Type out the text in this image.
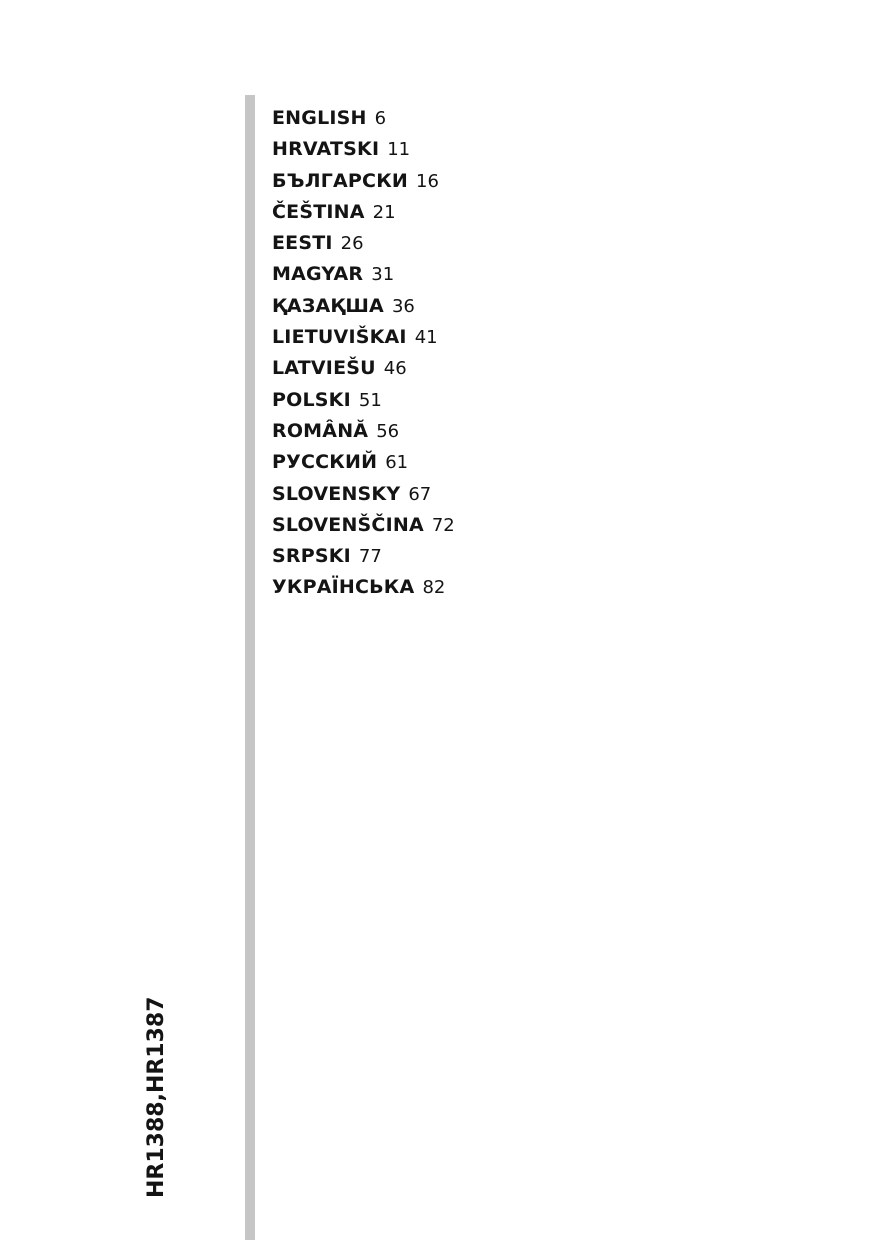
ENGLISH 6
HRVATSKI 11
БЪЛГАРСКИ 16
ČEŠTINA 21
EESTI 26
MAGYAR 31
ҚАЗАҚША 36
LIETUVIŠKAI 41
LATVIEŠU 46
POLSKI 51
ROMÂNĂ 56
РУССКИЙ 61
SLOVENSKY 67
SLOVENŠČINA 72
SRPSKI 77
УКРАЇНСЬКА 82
HR1388,HR1387
